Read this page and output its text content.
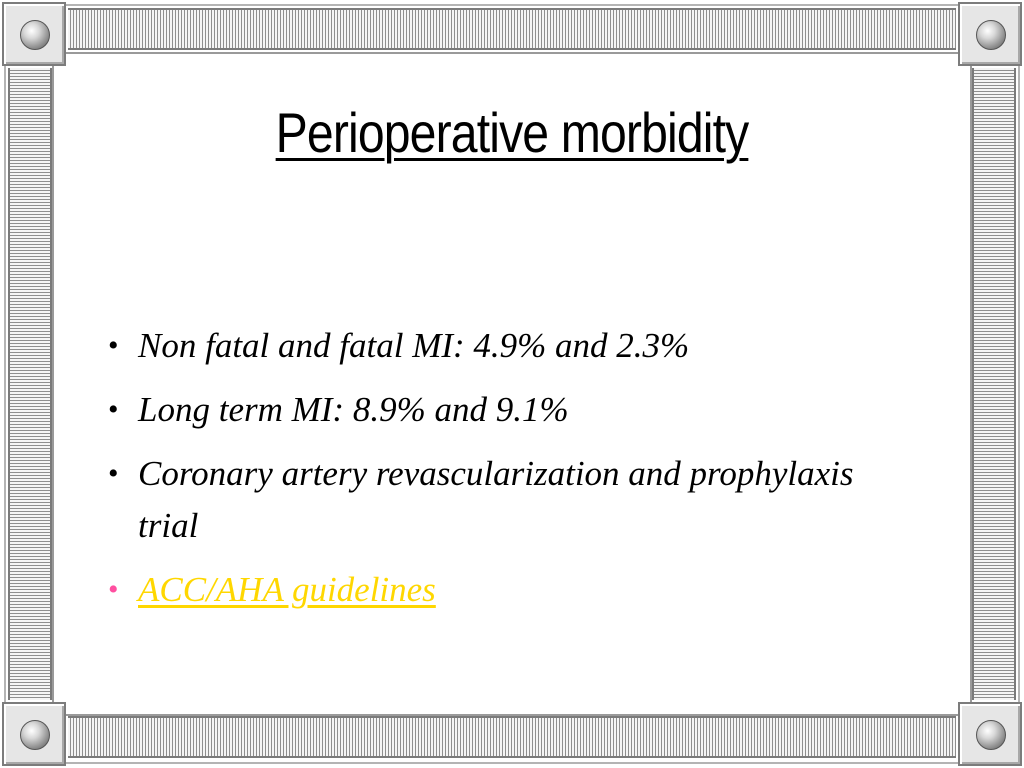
Perioperative morbidity
• Non fatal and fatal MI: 4.9% and 2.3%
• Long term MI: 8.9% and 9.1%
• Coronary artery revascularization and prophylaxis trial
• ACC/AHA guidelines
